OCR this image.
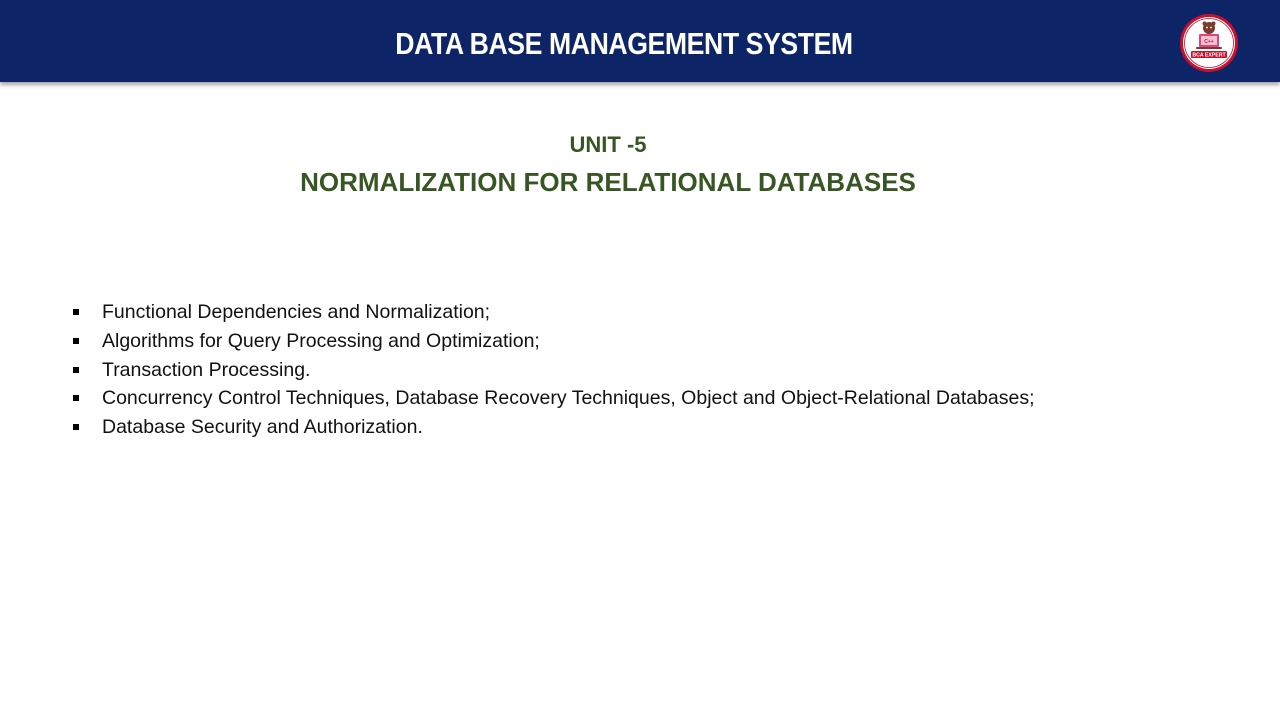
DATA BASE MANAGEMENT SYSTEM	C++
BCA EXPERT
UNIT -5
NORMALIZATION FOR RELATIONAL DATABASES
Functional Dependencies and Normalization;
Algorithms for Query Processing and Optimization;
Transaction Processing.
Concurrency Control Techniques, Database Recovery Techniques, Object and Object-Relational Databases;
Database Security and Authorization.
